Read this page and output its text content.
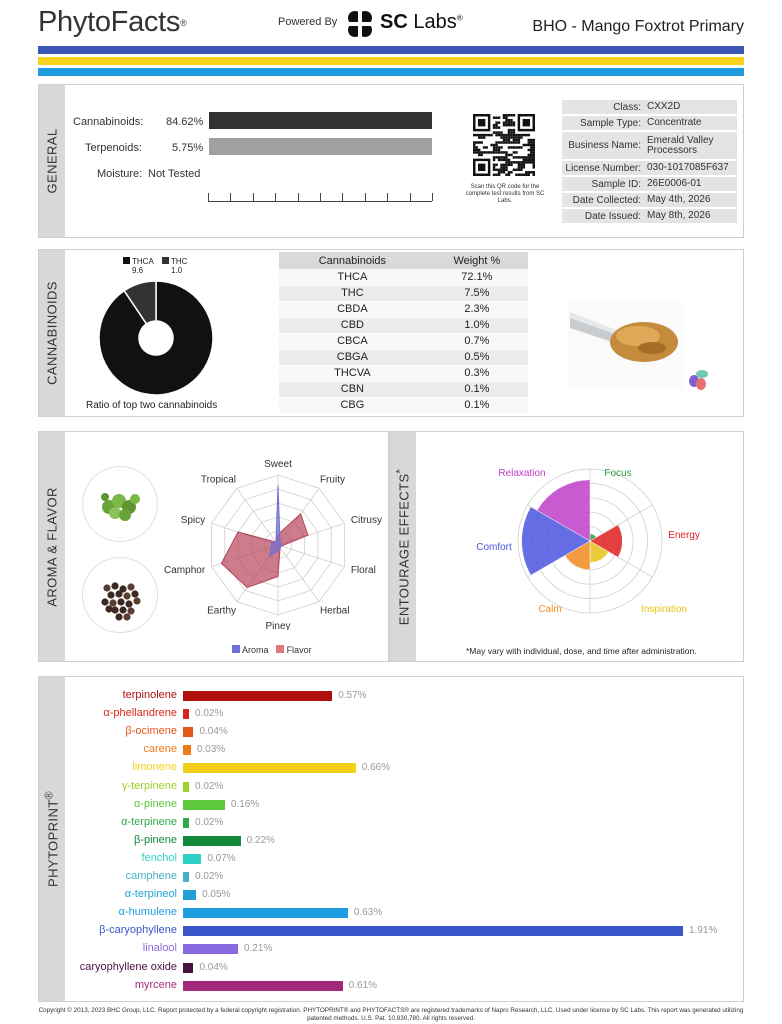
PhytoFacts®	Powered By SC Labs®
BHO - Mango Foxtrot Primary
GENERAL
Cannabinoids: 84.62%
Terpenoids:	5.75%
Moisture: Not Tested
Scan this QR code for the complete test results from SC Labs.
Class:	CXX2D
Sample Type:	Concentrate
Business Name:	Emerald Valley Processors
License Number:	030-1017085F637
Sample ID:	26E0006-01
Date Collected:	May 4th, 2026
Date Issued:	May 8th, 2026
CANNABINOIDS
THCA
9.6
THC
1.0
Ratio of top two cannabinoids
Cannabinoids	Weight %
THCA	72.1%
THC	7.5%
CBDA	2.3%
CBD	1.0%
CBCA	0.7%
CBGA	0.5%
THCVA	0.3%
CBN	0.1%
CBG	0.1%
AROMA & FLAVOR
Sweet
Fruity
Citrusy
Floral
Herbal
Piney
Earthy
Camphor
Spicy
Tropical
Aroma Flavor
ENTOURAGE EFFECTS*	Focus
Energy
Inspiration
Calm
Comfort
Relaxation
*May vary with individual, dose, and time after administration.
PHYTOPRINT®
terpinolene	0.57%
α-phellandrene 0.02%
β-ocimene 0.04%
carene 0.03%
limonene	0.66%
γ-terpinene 0.02%
α-pinene	0.16%
α-terpinene 0.02%
β-pinene	0.22%
fenchol	0.07%
camphene 0.02%
α-terpineol	0.05%
α-humulene	0.63%
β-caryophyllene	1.91%
linalool	0.21%
caryophyllene oxide 0.04%
myrcene	0.61%
Copyright © 2013, 2023 BHC Group, LLC. Report protected by a federal copyright registration. PHYTOPRINT® and PHYTOFACTS® are registered trademarks of Napro Research, LLC. Used under license by SC Labs. This report was generated utilizing patented methods. U.S. Pat. 10,830,780. All rights reserved.
